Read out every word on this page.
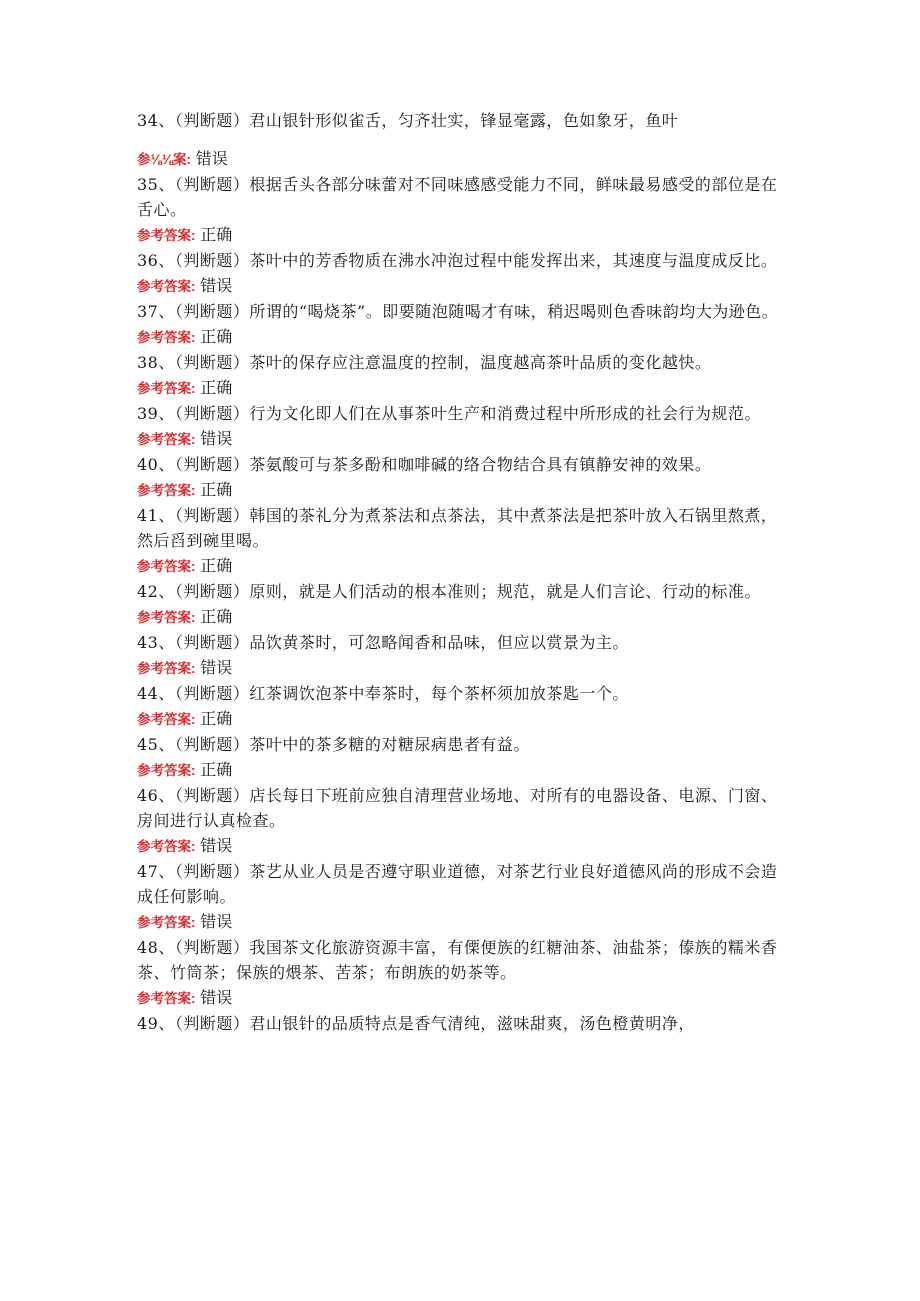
34、（判断题）君山银针形似雀舌，匀齐壮实，锋显毫露，色如象牙，鱼叶

参⅛⅛案: 错误

35、（判断题）根据舌头各部分味蕾对不同味感感受能力不同，鲜味最易感受的部位是在舌心。

参考答案: 正确

36、（判断题）茶叶中的芳香物质在沸水冲泡过程中能发挥出来，其速度与温度成反比。

参考答案: 错误

37、（判断题）所谓的“喝烧茶”。即要随泡随喝才有味，稍迟喝则色香味韵均大为逊色。

参考答案: 正确

38、（判断题）茶叶的保存应注意温度的控制，温度越高茶叶品质的变化越快。

参考答案: 正确

39、（判断题）行为文化即人们在从事茶叶生产和消费过程中所形成的社会行为规范。

参考答案: 错误

40、（判断题）茶氨酸可与茶多酚和咖啡碱的络合物结合具有镇静安神的效果。

参考答案: 正确

41、（判断题）韩国的茶礼分为煮茶法和点茶法，其中煮茶法是把茶叶放入石锅里熬煮，然后舀到碗里喝。

参考答案: 正确

42、（判断题）原则，就是人们活动的根本准则；规范，就是人们言论、行动的标准。

参考答案: 正确

43、（判断题）品饮黄茶时，可忽略闻香和品味，但应以赏景为主。

参考答案: 错误

44、（判断题）红茶调饮泡茶中奉茶时，每个茶杯须加放茶匙一个。

参考答案: 正确

45、（判断题）茶叶中的茶多糖的对糖尿病患者有益。

参考答案: 正确

46、（判断题）店长每日下班前应独自清理营业场地、对所有的电器设备、电源、门窗、房间进行认真检查。

参考答案: 错误

47、（判断题）茶艺从业人员是否遵守职业道德，对茶艺行业良好道德风尚的形成不会造成任何影响。

参考答案: 错误

48、（判断题）我国茶文化旅游资源丰富，有傈便族的红糖油茶、油盐茶；傣族的糯米香茶、竹筒茶；保族的煨茶、苦茶；布朗族的奶茶等。

参考答案: 错误

49、（判断题）君山银针的品质特点是香气清纯，滋味甜爽，汤色橙黄明净，
